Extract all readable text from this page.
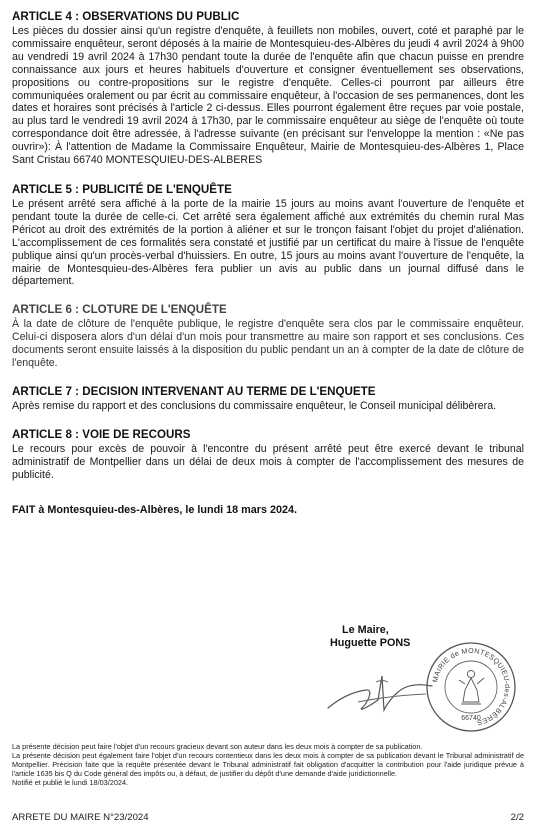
ARTICLE 4 : OBSERVATIONS DU PUBLIC

Les pièces du dossier ainsi qu'un registre d'enquête, à feuillets non mobiles, ouvert, coté et paraphé par le commissaire enquêteur, seront déposés à la mairie de Montesquieu-des-Albères du jeudi 4 avril 2024 à 9h00 au vendredi 19 avril 2024 à 17h30 pendant toute la durée de l'enquête afin que chacun puisse en prendre connaissance aux jours et heures habituels d'ouverture et consigner éventuellement ses observations, propositions ou contre-propositions sur le registre d'enquête. Celles-ci pourront par ailleurs être communiquées oralement ou par écrit au commissaire enquêteur, à l'occasion de ses permanences, dont les dates et horaires sont précisés à l'article 2 ci-dessus. Elles pourront également être reçues par voie postale, au plus tard le vendredi 19 avril 2024 à 17h30, par le commissaire enquêteur au siège de l'enquête où toute correspondance doit être adressée, à l'adresse suivante (en précisant sur l'enveloppe la mention : «Ne pas ouvrir»): À l'attention de Madame la Commissaire Enquêteur, Mairie de Montesquieu-des-Albères 1, Place Sant Cristau 66740 MONTESQUIEU-DES-ALBERES

ARTICLE 5 : PUBLICITÉ DE L'ENQUÊTE

Le présent arrêté sera affiché à la porte de la mairie 15 jours au moins avant l'ouverture de l'enquête et pendant toute la durée de celle-ci. Cet arrêté sera également affiché aux extrémités du chemin rural Mas Péricot au droit des extrémités de la portion à aliéner et sur le tronçon faisant l'objet du projet d'aliénation. L'accomplissement de ces formalités sera constaté et justifié par un certificat du maire à l'issue de l'enquête publique ainsi qu'un procès-verbal d'huissiers. En outre, 15 jours au moins avant l'ouverture de l'enquête, la mairie de Montesquieu-des-Albères fera publier un avis au public dans un journal diffusé dans le département.

ARTICLE 6 : CLOTURE DE L'ENQUÊTE

À la date de clôture de l'enquête publique, le registre d'enquête sera clos par le commissaire enquêteur. Celui-ci disposera alors d'un délai d'un mois pour transmettre au maire son rapport et ses conclusions. Ces documents seront ensuite laissés à la disposition du public pendant un an à compter de la date de clôture de l'enquête.

ARTICLE 7 : DECISION INTERVENANT AU TERME DE L'ENQUETE

Après remise du rapport et des conclusions du commissaire enquêteur, le Conseil municipal délibèrera.

ARTICLE 8 : VOIE DE RECOURS

Le recours pour excès de pouvoir à l'encontre du présent arrêté peut être exercé devant le tribunal administratif de Montpellier dans un délai de deux mois à compter de l'accomplissement des mesures de publicité.

FAIT à Montesquieu-des-Albères, le lundi 18 mars 2024.

Le Maire,
Huguette PONS
MAIRIE de MONTESQUIEU-des-ALBÈRES
66740

La présente décision peut faire l'objet d'un recours gracieux devant son auteur dans les deux mois à compter de sa publication.

La présente décision peut également faire l'objet d'un recours contentieux dans les deux mois à compter de sa publication devant le Tribunal administratif de Montpellier. Précision faite que la requête présentée devant le Tribunal administratif fait obligation d'acquitter la contribution pour l'aide juridique prévue à l'article 1635 bis Q du Code général des impôts ou, à défaut, de justifier du dépôt d'une demande d'aide juridictionnelle.

Notifié et publié le lundi 18/03/2024.

ARRETE DU MAIRE N°23/2024	2/2
